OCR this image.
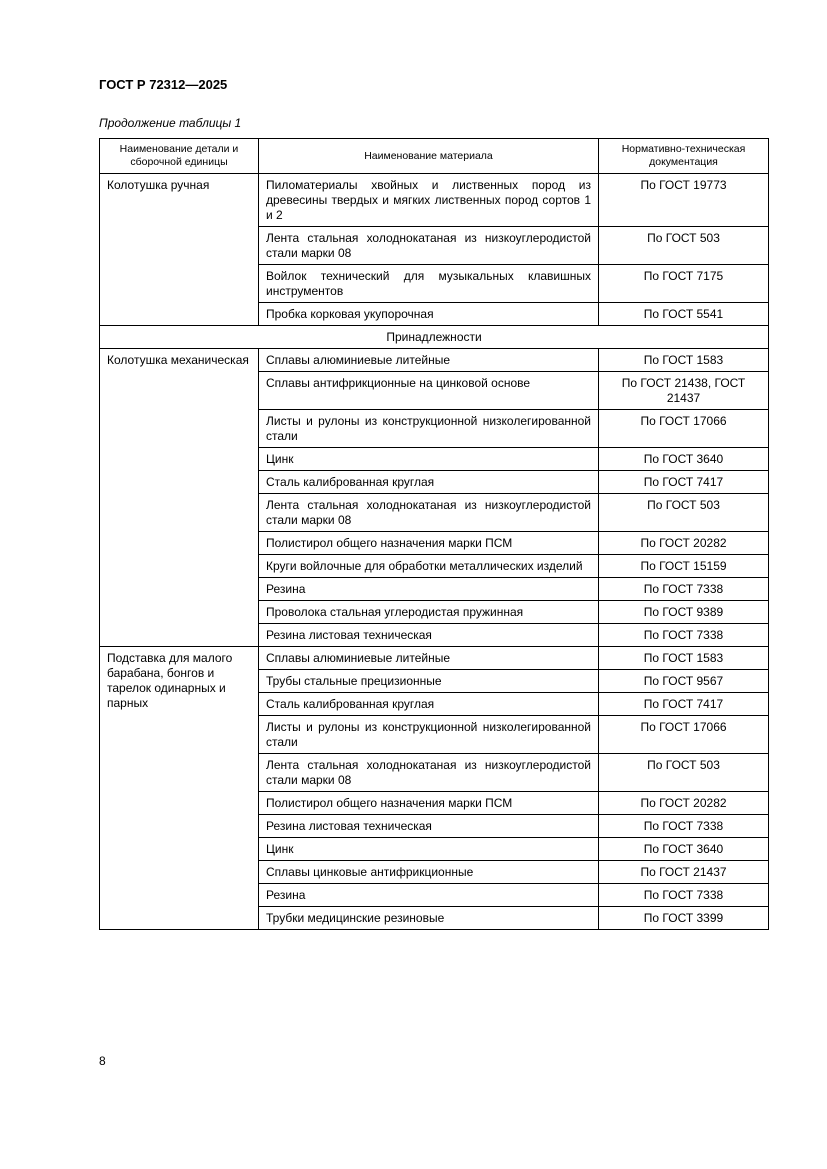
ГОСТ Р 72312—2025
Продолжение таблицы 1
Наименование детали и сборочной единицы	Наименование материала	Нормативно-техническая документация
Колотушка ручная	Пиломатериалы хвойных и лиственных пород из древесины твердых и мягких лиственных пород сортов 1 и 2	По ГОСТ 19773
	Лента стальная холоднокатаная из низкоуглеродистой стали марки 08	По ГОСТ 503
	Войлок технический для музыкальных клавишных инструментов	По ГОСТ 7175
	Пробка корковая укупорочная	По ГОСТ 5541
Принадлежности		
Колотушка механическая	Сплавы алюминиевые литейные	По ГОСТ 1583
	Сплавы антифрикционные на цинковой основе	По ГОСТ 21438, ГОСТ 21437
	Листы и рулоны из конструкционной низколегированной стали	По ГОСТ 17066
	Цинк	По ГОСТ 3640
	Сталь калиброванная круглая	По ГОСТ 7417
	Лента стальная холоднокатаная из низкоуглеродистой стали марки 08	По ГОСТ 503
	Полистирол общего назначения марки ПСМ	По ГОСТ 20282
	Круги войлочные для обработки металлических изделий	По ГОСТ 15159
	Резина	По ГОСТ 7338
	Проволока стальная углеродистая пружинная	По ГОСТ 9389
	Резина листовая техническая	По ГОСТ 7338
Подставка для малого барабана, бонгов и тарелок одинарных и парных	Сплавы алюминиевые литейные	По ГОСТ 1583
	Трубы стальные прецизионные	По ГОСТ 9567
	Сталь калиброванная круглая	По ГОСТ 7417
	Листы и рулоны из конструкционной низколегированной стали	По ГОСТ 17066
	Лента стальная холоднокатаная из низкоуглеродистой стали марки 08	По ГОСТ 503
	Полистирол общего назначения марки ПСМ	По ГОСТ 20282
	Резина листовая техническая	По ГОСТ 7338
	Цинк	По ГОСТ 3640
	Сплавы цинковые антифрикционные	По ГОСТ 21437
	Резина	По ГОСТ 7338
	Трубки медицинские резиновые	По ГОСТ 3399
8
